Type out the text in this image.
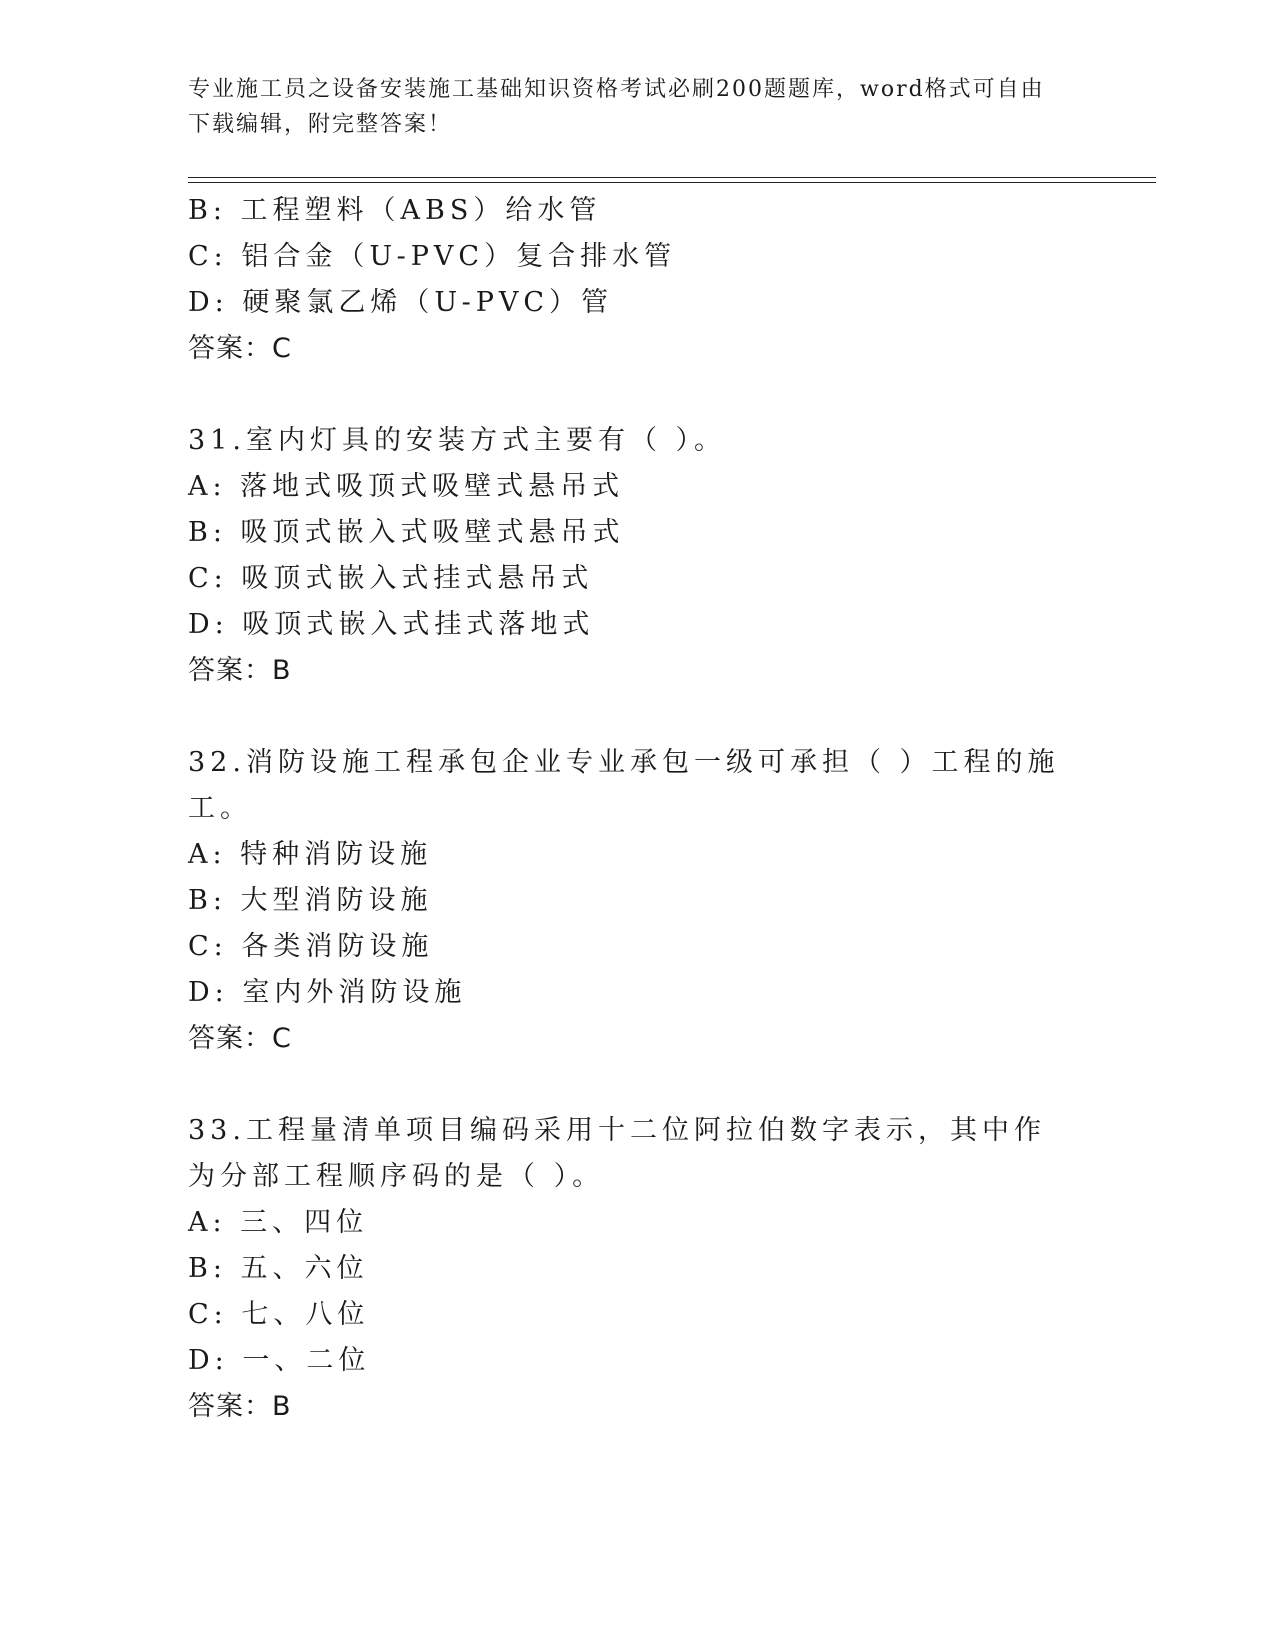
专业施工员之设备安装施工基础知识资格考试必刷200题题库，word格式可自由下载编辑，附完整答案！
B: 工程塑料（ABS）给水管
C: 铝合金（U-PVC）复合排水管
D: 硬聚氯乙烯（U-PVC）管
答案：C
31.室内灯具的安装方式主要有（ ）。
A: 落地式吸顶式吸壁式悬吊式
B: 吸顶式嵌入式吸壁式悬吊式
C: 吸顶式嵌入式挂式悬吊式
D: 吸顶式嵌入式挂式落地式
答案：B
32.消防设施工程承包企业专业承包一级可承担（ ）工程的施工。
A: 特种消防设施
B: 大型消防设施
C: 各类消防设施
D: 室内外消防设施
答案：C
33.工程量清单项目编码采用十二位阿拉伯数字表示，其中作为分部工程顺序码的是（ ）。
A: 三、四位
B: 五、六位
C: 七、八位
D: 一、二位
答案：B
